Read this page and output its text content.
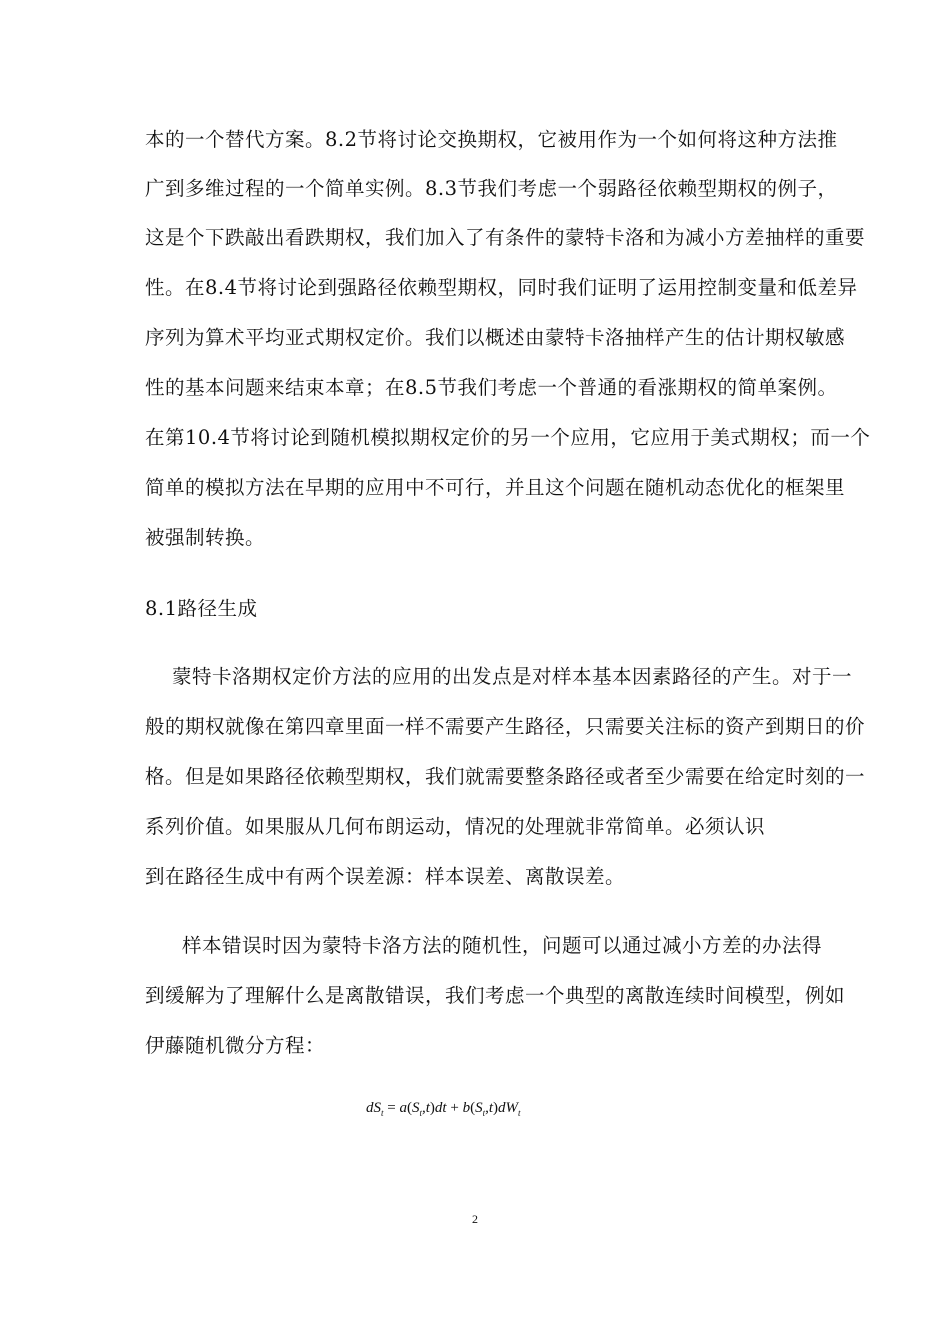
本的一个替代方案。8.2节将讨论交换期权，它被用作为一个如何将这种方法推
广到多维过程的一个简单实例。8.3节我们考虑一个弱路径依赖型期权的例子，
这是个下跌敲出看跌期权，我们加入了有条件的蒙特卡洛和为减小方差抽样的重要
性。在8.4节将讨论到强路径依赖型期权，同时我们证明了运用控制变量和低差异
序列为算术平均亚式期权定价。我们以概述由蒙特卡洛抽样产生的估计期权敏感
性的基本问题来结束本章；在8.5节我们考虑一个普通的看涨期权的简单案例。
在第10.4节将讨论到随机模拟期权定价的另一个应用，它应用于美式期权；而一个
简单的模拟方法在早期的应用中不可行，并且这个问题在随机动态优化的框架里
被强制转换。
8.1路径生成
蒙特卡洛期权定价方法的应用的出发点是对样本基本因素路径的产生。对于一
般的期权就像在第四章里面一样不需要产生路径，只需要关注标的资产到期日的价
格。但是如果路径依赖型期权，我们就需要整条路径或者至少需要在给定时刻的一
系列价值。如果服从几何布朗运动，情况的处理就非常简单。必须认识
到在路径生成中有两个误差源：样本误差、离散误差。
样本错误时因为蒙特卡洛方法的随机性，问题可以通过减小方差的办法得
到缓解为了理解什么是离散错误，我们考虑一个典型的离散连续时间模型，例如
伊藤随机微分方程：
$dS_t = a(S_t,t)dt + b(S_t,t)dW_t$
2
